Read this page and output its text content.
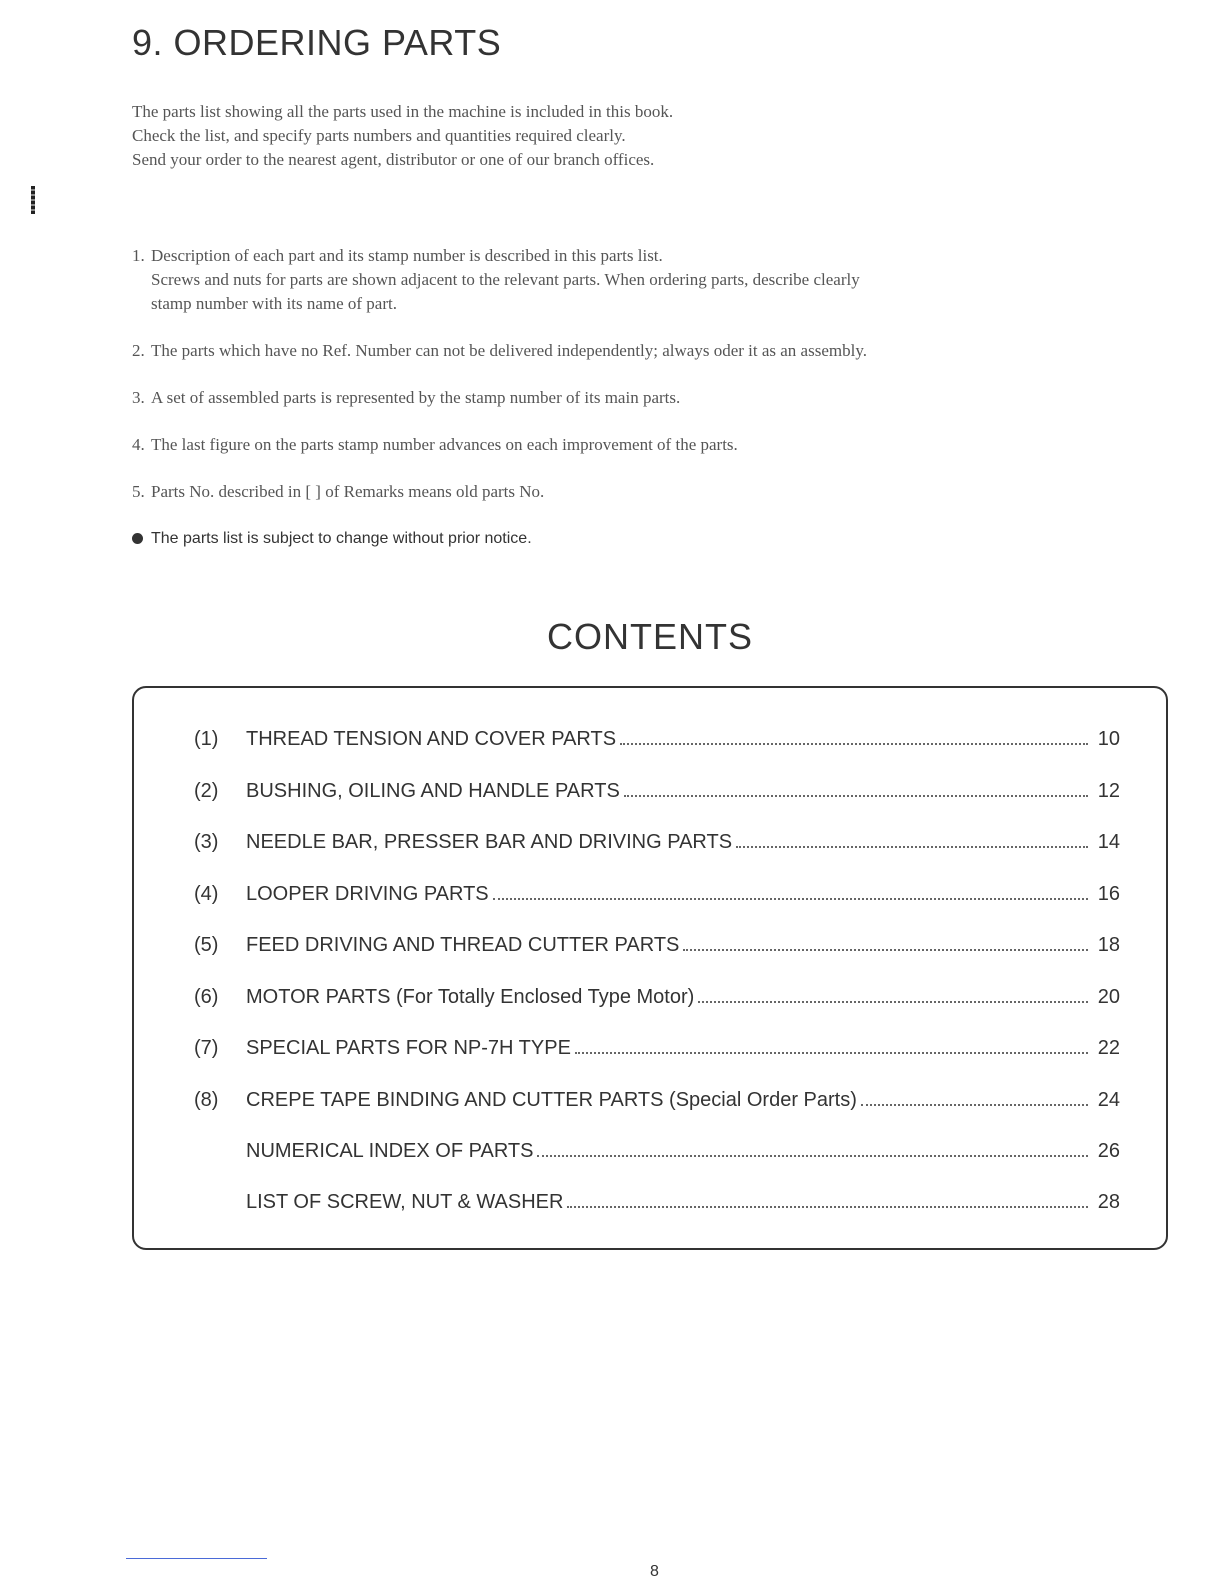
9. ORDERING PARTS

The parts list showing all the parts used in the machine is included in this book.

Check the list, and specify parts numbers and quantities required clearly.

Send your order to the nearest agent, distributor or one of our branch offices.

1. Description of each part and its stamp number is described in this parts list.

Screws and nuts for parts are shown adjacent to the relevant parts. When ordering parts, describe clearly

stamp number with its name of part.

2. The parts which have no Ref. Number can not be delivered independently; always oder it as an assembly.

3. A set of assembled parts is represented by the stamp number of its main parts.

4. The last figure on the parts stamp number advances on each improvement of the parts.

5. Parts No. described in [ ] of Remarks means old parts No.

The parts list is subject to change without prior notice.
CONTENTS
(1)	THREAD TENSION AND COVER PARTS	10
(2)	BUSHING, OILING AND HANDLE PARTS	12
(3)	NEEDLE BAR, PRESSER BAR AND DRIVING PARTS	14
(4)	LOOPER DRIVING PARTS	16
(5)	FEED DRIVING AND THREAD CUTTER PARTS	18
(6)	MOTOR PARTS (For Totally Enclosed Type Motor)	20
(7)	SPECIAL PARTS FOR NP-7H TYPE	22
(8)	CREPE TAPE BINDING AND CUTTER PARTS (Special Order Parts)	24
NUMERICAL INDEX OF PARTS	26
LIST OF SCREW, NUT & WASHER	28
8
